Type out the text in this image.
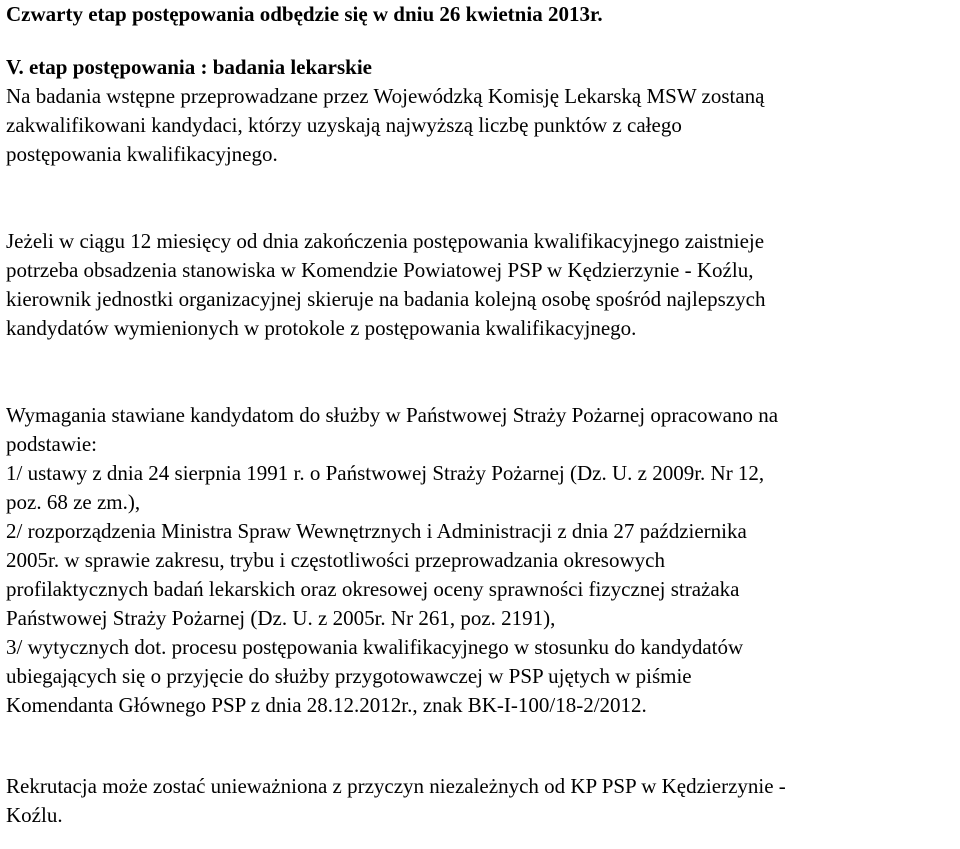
Czwarty etap postępowania odbędzie się w dniu 26 kwietnia 2013r.

V. etap postępowania : badania lekarskie

Na badania wstępne przeprowadzane przez Wojewódzką Komisję Lekarską MSW zostaną

zakwalifikowani kandydaci, którzy uzyskają najwyższą liczbę punktów z całego

postępowania kwalifikacyjnego.

Jeżeli w ciągu 12 miesięcy od dnia zakończenia postępowania kwalifikacyjnego zaistnieje

potrzeba obsadzenia stanowiska w Komendzie Powiatowej PSP w Kędzierzynie - Koźlu,

kierownik jednostki organizacyjnej skieruje na badania kolejną osobę spośród najlepszych

kandydatów wymienionych w protokole z postępowania kwalifikacyjnego.

Wymagania stawiane kandydatom do służby w Państwowej Straży Pożarnej opracowano na

podstawie:

1/ ustawy z dnia 24 sierpnia 1991 r. o Państwowej Straży Pożarnej (Dz. U. z 2009r. Nr 12,

poz. 68 ze zm.),

2/ rozporządzenia Ministra Spraw Wewnętrznych i Administracji z dnia 27 października

2005r. w sprawie zakresu, trybu i częstotliwości przeprowadzania okresowych

profilaktycznych badań lekarskich oraz okresowej oceny sprawności fizycznej strażaka

Państwowej Straży Pożarnej (Dz. U. z 2005r. Nr 261, poz. 2191),

3/ wytycznych dot. procesu postępowania kwalifikacyjnego w stosunku do kandydatów

ubiegających się o przyjęcie do służby przygotowawczej w PSP ujętych w piśmie

Komendanta Głównego PSP z dnia 28.12.2012r., znak BK-I-100/18-2/2012.

Rekrutacja może zostać unieważniona z przyczyn niezależnych od KP PSP w Kędzierzynie -

Koźlu.
